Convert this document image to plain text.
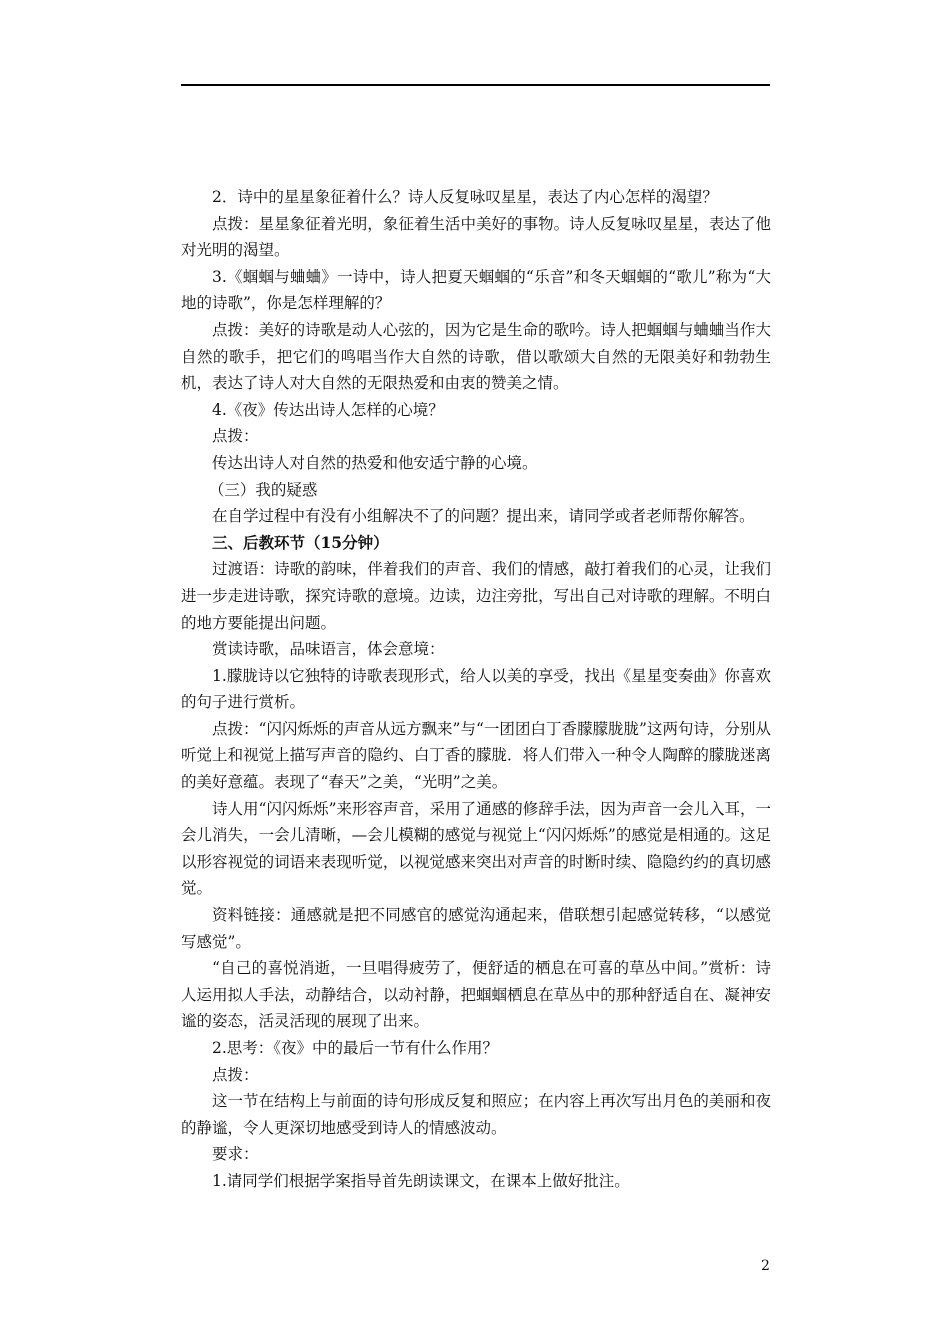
2．诗中的星星象征着什么？诗人反复咏叹星星，表达了内心怎样的渴望？

点拨：星星象征着光明，象征着生活中美好的事物。诗人反复咏叹星星，表达了他对光明的渴望。

3.《蝈蝈与蛐蛐》一诗中，诗人把夏天蝈蝈的“乐音”和冬天蝈蝈的“歌儿”称为“大地的诗歌”，你是怎样理解的？

点拨：美好的诗歌是动人心弦的，因为它是生命的歌吟。诗人把蝈蝈与蛐蛐当作大自然的歌手，把它们的鸣唱当作大自然的诗歌，借以歌颂大自然的无限美好和勃勃生机，表达了诗人对大自然的无限热爱和由衷的赞美之情。

4.《夜》传达出诗人怎样的心境？

点拨：

传达出诗人对自然的热爱和他安适宁静的心境。

（三）我的疑惑

在自学过程中有没有小组解决不了的问题？提出来，请同学或者老师帮你解答。

三、后教环节（15分钟）

过渡语：诗歌的韵味，伴着我们的声音、我们的情感，敲打着我们的心灵，让我们进一步走进诗歌，探究诗歌的意境。边读，边注旁批，写出自己对诗歌的理解。不明白的地方要能提出问题。

赏读诗歌，品味语言，体会意境：

1.朦胧诗以它独特的诗歌表现形式，给人以美的享受，找出《星星变奏曲》你喜欢的句子进行赏析。

点拨：“闪闪烁烁的声音从远方飘来”与“一团团白丁香朦朦胧胧”这两句诗，分别从听觉上和视觉上描写声音的隐约、白丁香的朦胧．将人们带入一种令人陶醉的朦胧迷离的美好意蕴。表现了“春天”之美，“光明”之美。

诗人用“闪闪烁烁”来形容声音，采用了通感的修辞手法，因为声音一会儿入耳，一会儿消失，一会儿清晰，—会儿模糊的感觉与视觉上“闪闪烁烁”的感觉是相通的。这足以形容视觉的词语来表现听觉，以视觉感来突出对声音的时断时续、隐隐约约的真切感觉。

资料链接：通感就是把不同感官的感觉沟通起来，借联想引起感觉转移，“以感觉写感觉”。

“自己的喜悦消逝，一旦唱得疲劳了，便舒适的栖息在可喜的草丛中间。”赏析：诗人运用拟人手法，动静结合，以动衬静，把蝈蝈栖息在草丛中的那种舒适自在、凝神安谧的姿态，活灵活现的展现了出来。

2.思考：《夜》中的最后一节有什么作用？

点拨：

这一节在结构上与前面的诗句形成反复和照应；在内容上再次写出月色的美丽和夜的静谧，令人更深切地感受到诗人的情感波动。

要求：

1.请同学们根据学案指导首先朗读课文，在课本上做好批注。

2
